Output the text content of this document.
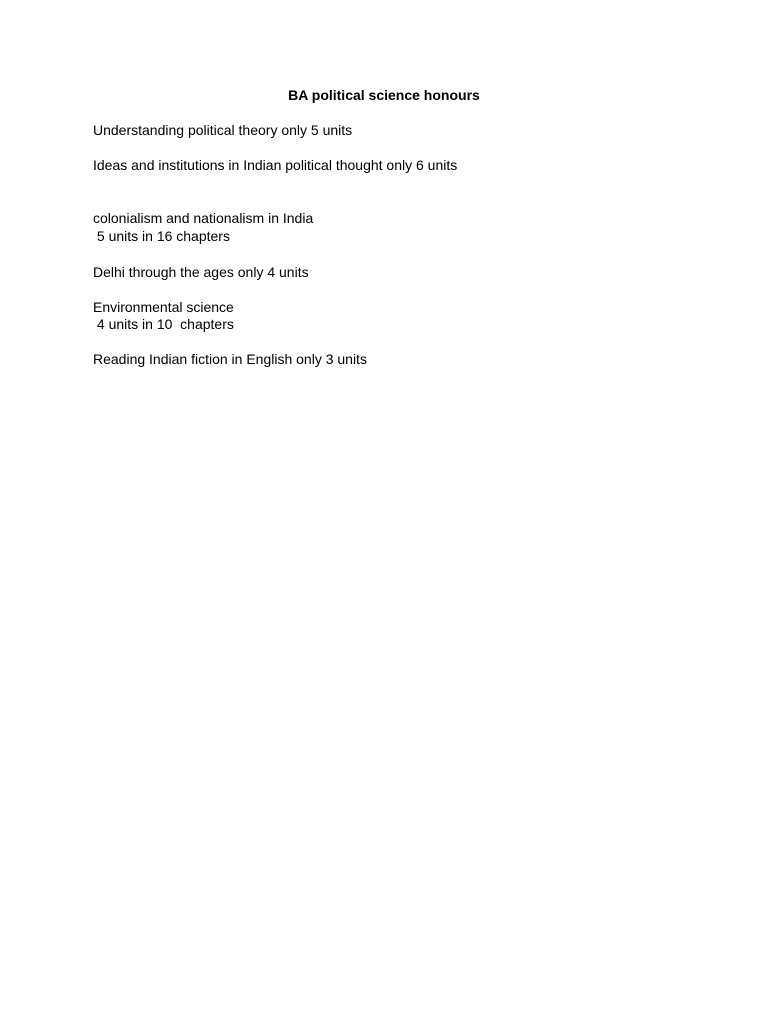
BA political science honours
Understanding political theory only 5 units
Ideas and institutions in Indian political thought only 6 units
colonialism and nationalism in India
5 units in 16 chapters
Delhi through the ages only 4 units
Environmental science
4 units in 10  chapters
Reading Indian fiction in English only 3 units
